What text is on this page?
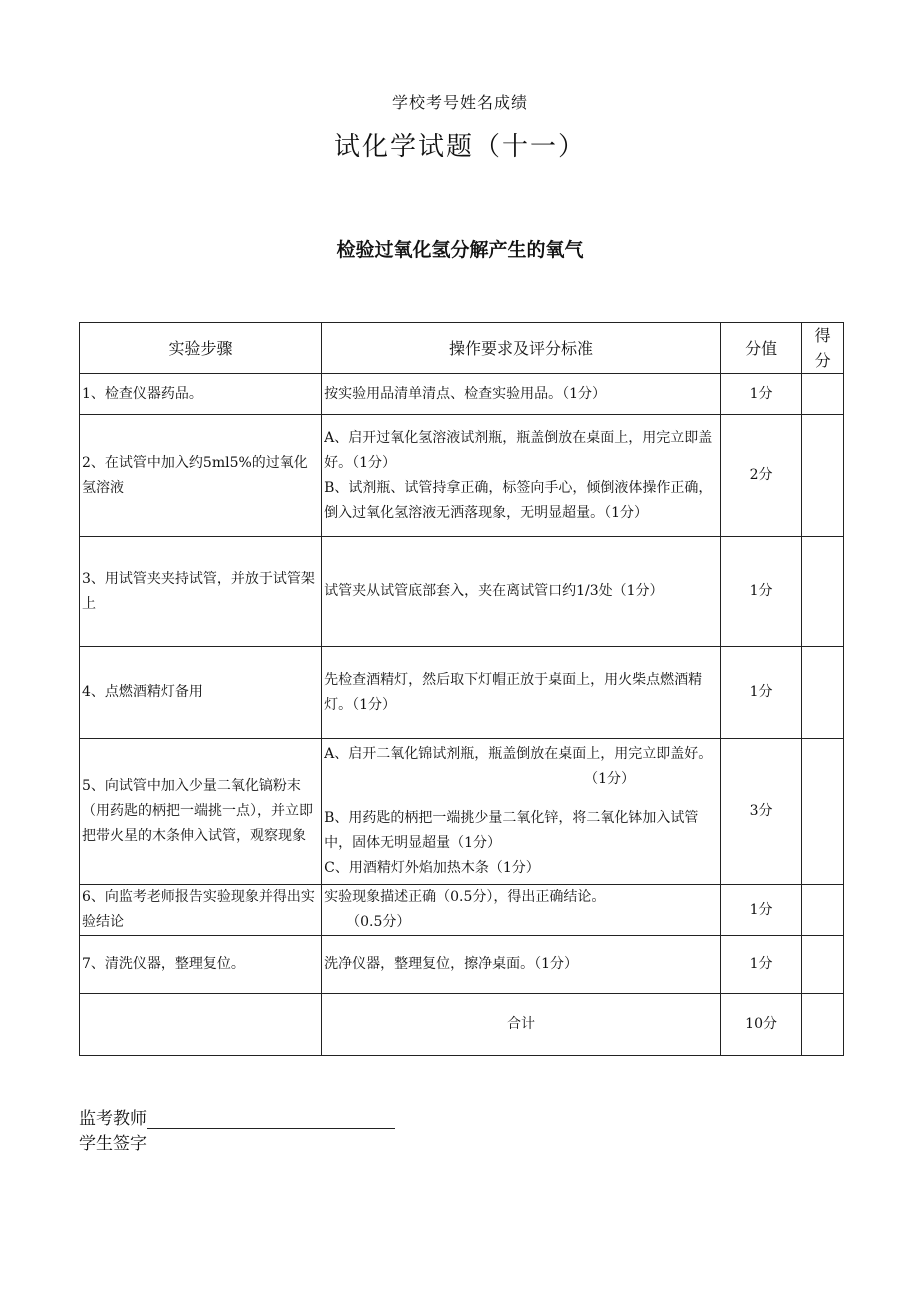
学校考号姓名成绩
试化学试题（十一）
检验过氧化氢分解产生的氧气
实验步骤	操作要求及评分标准	分值	得分

1、检查仪器药品。	按实验用品清单清点、检查实验用品。（1分）	1分	
2、在试管中加入约5ml5%的过氧化氢溶液	A、启开过氧化氢溶液试剂瓶，瓶盖倒放在桌面上，用完立即盖好。（1分）
B、试剂瓶、试管持拿正确，标签向手心，倾倒液体操作正确，倒入过氧化氢溶液无洒落现象，无明显超量。（1分）	2分	
3、用试管夹夹持试管，并放于试管架上	试管夹从试管底部套入，夹在离试管口约1/3处（1分）	1分	
4、点燃酒精灯备用	先检查酒精灯，然后取下灯帽正放于桌面上，用火柴点燃酒精灯。（1分）	1分	
5、向试管中加入少量二氧化镐粉末（用药匙的柄把一端挑一点），并立即把带火星的木条伸入试管，观察现象	A、启开二氧化锦试剂瓶，瓶盖倒放在桌面上，用完立即盖好。
（1分）
B、用药匙的柄把一端挑少量二氧化锌，将二氧化钵加入试管中，固体无明显超量（1分）
C、用酒精灯外焰加热木条（1分）	3分	
6、向监考老师报告实验现象并得出实验结论	实验现象描述正确（0.5分），得出正确结论。
（0.5分）	1分	
7、清洗仪器，整理复位。	洗净仪器，整理复位，擦净桌面。（1分）	1分	
	合计	10分	
监考教师
学生签字
